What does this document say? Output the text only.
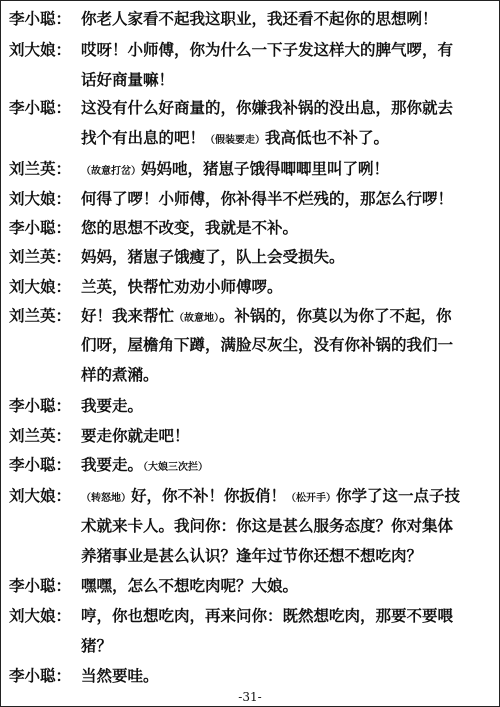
李小聪： 你老人家看不起我这职业，我还看不起你的思想咧！
刘大娘： 哎呀！小师傅，你为什么一下子发这样大的脾气啰，有
话好商量嘛！
李小聪： 这没有什么好商量的，你嫌我补锅的没出息，那你就去
找个有出息的吧！（假装要走）我高低也不补了。
刘兰英： （故意打岔）妈妈吔，猪崽子饿得唧唧里叫了咧！
刘大娘： 何得了啰！小师傅，你补得半不烂残的，那怎么行啰！
李小聪： 您的思想不改变，我就是不补。
刘兰英： 妈妈，猪崽子饿瘦了，队上会受损失。
刘大娘： 兰英，快帮忙劝劝小师傅啰。
刘兰英： 好！我来帮忙（故意地）。补锅的，你莫以为你了不起，你
们呀，屋檐角下蹲，满脸尽灰尘，没有你补锅的我们一
样的煮潲。
李小聪： 我要走。
刘兰英： 要走你就走吧！
李小聪： 我要走。（大娘三次拦）
刘大娘： （转怒地）好，你不补！你扳俏！（松开手）你学了这一点子技
术就来卡人。我问你：你这是甚么服务态度？你对集体
养猪事业是甚么认识？逢年过节你还想不想吃肉？
李小聪： 嘿嘿，怎么不想吃肉呢？大娘。
刘大娘： 哼，你也想吃肉，再来问你：既然想吃肉，那要不要喂
猪？
李小聪： 当然要哇。
-31-
